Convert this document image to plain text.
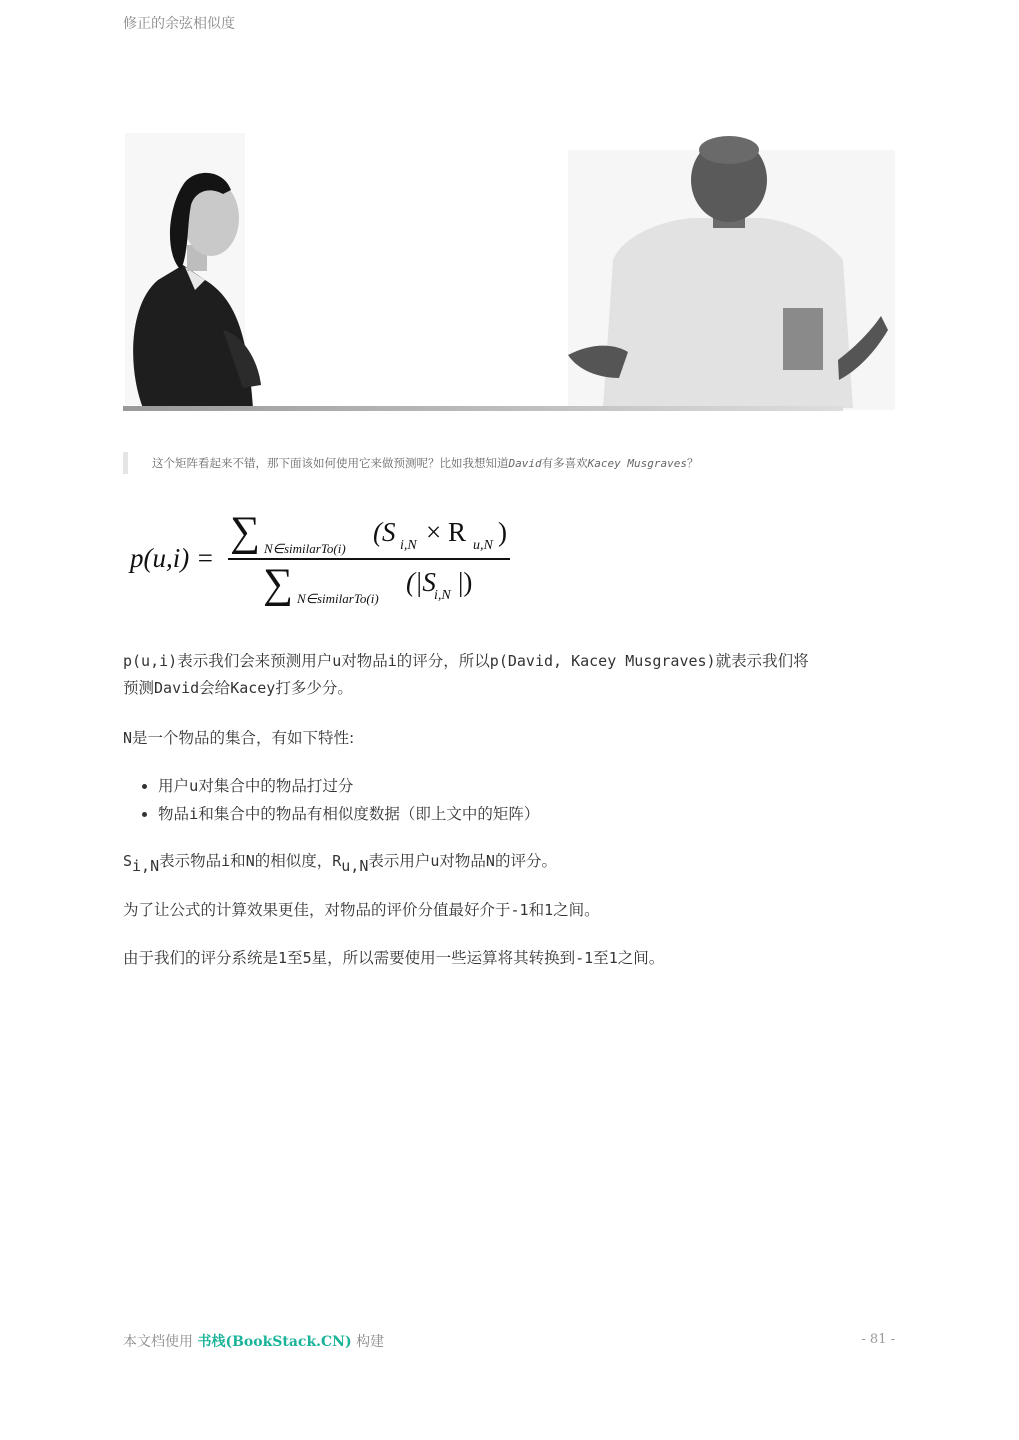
修正的余弦相似度
这个矩阵看起来不错，那下面该如何使用它来做预测呢？比如我想知道David有多喜欢Kacey Musgraves？
p(u,i) =
∑ N∈similarTo(i)
(S i,N × R u,N )
∑ N∈similarTo(i)
(|S
i,N |)
p(u,i)表示我们会来预测用户u对物品i的评分，所以p(David, Kacey Musgraves)就表示我们将
预测David会给Kacey打多少分。
N是一个物品的集合，有如下特性:
• 用户u对集合中的物品打过分
• 物品i和集合中的物品有相似度数据（即上文中的矩阵）
$S_{i,N}$表示物品i和N的相似度，$R_{u,N}$表示用户u对物品N的评分。
为了让公式的计算效果更佳，对物品的评价分值最好介于-1和1之间。
由于我们的评分系统是1至5星，所以需要使用一些运算将其转换到-1至1之间。
本文档使用 书栈(BookStack.CN) 构建	- 81 -
